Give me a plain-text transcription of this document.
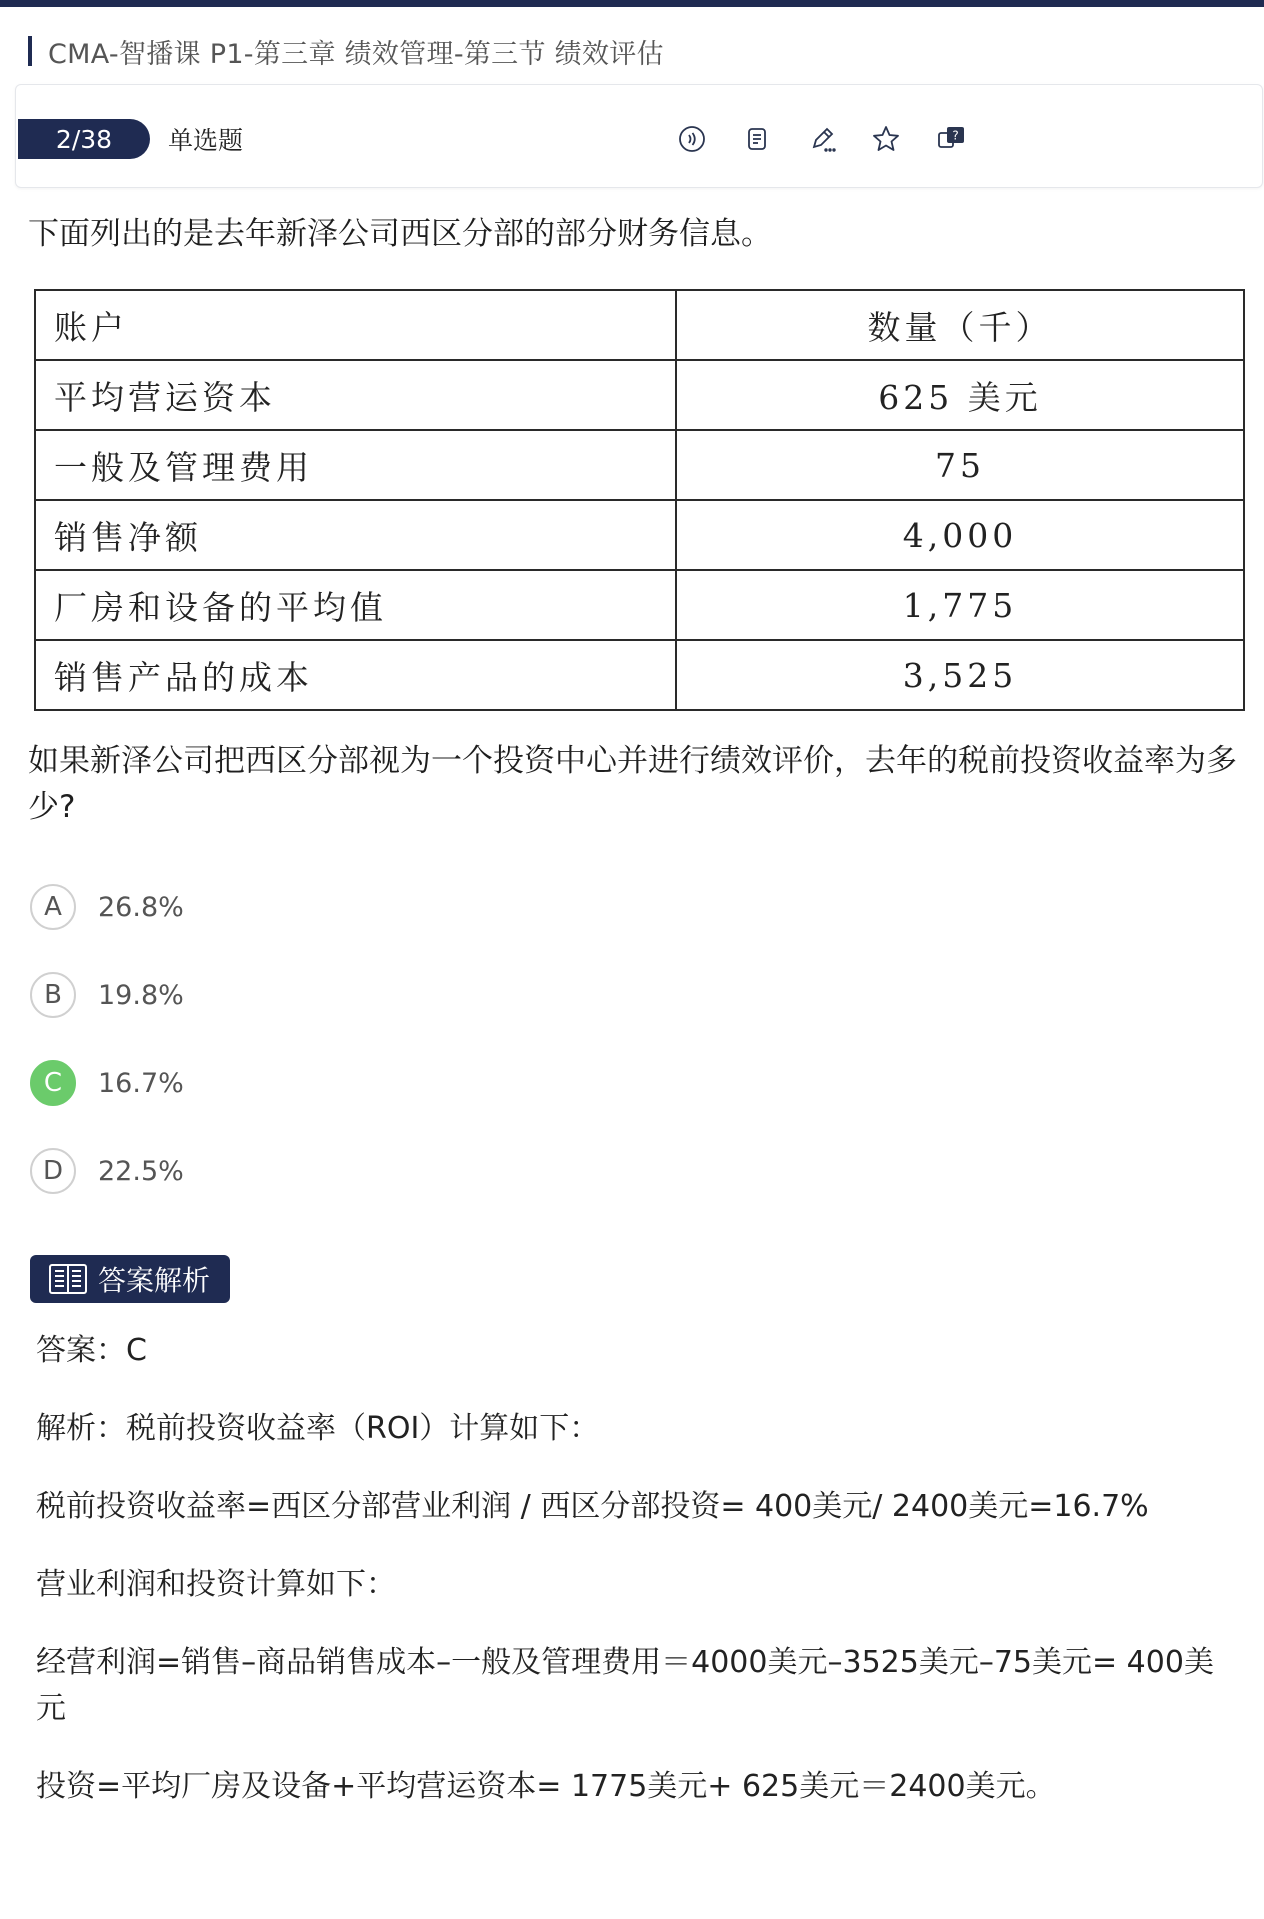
CMA-智播课 P1-第三章 绩效管理-第三节 绩效评估
2/38	单选题	?
下面列出的是去年新泽公司西区分部的部分财务信息。
账户	数量（千）
平均营运资本	625 美元
一般及管理费用	75
销售净额	4,000
厂房和设备的平均值	1,775
销售产品的成本	3,525
如果新泽公司把西区分部视为一个投资中心并进行绩效评价，去年的税前投资收益率为多少?
A	26.8%
B	19.8%
C	16.7%
D	22.5%
答案解析
答案：C
解析：税前投资收益率（ROI）计算如下：
税前投资收益率=西区分部营业利润 / 西区分部投资= 400美元/ 2400美元=16.7%
营业利润和投资计算如下：
经营利润=销售–商品销售成本–一般及管理费用＝4000美元–3525美元–75美元= 400美元
投资=平均厂房及设备+平均营运资本= 1775美元+ 625美元＝2400美元。
